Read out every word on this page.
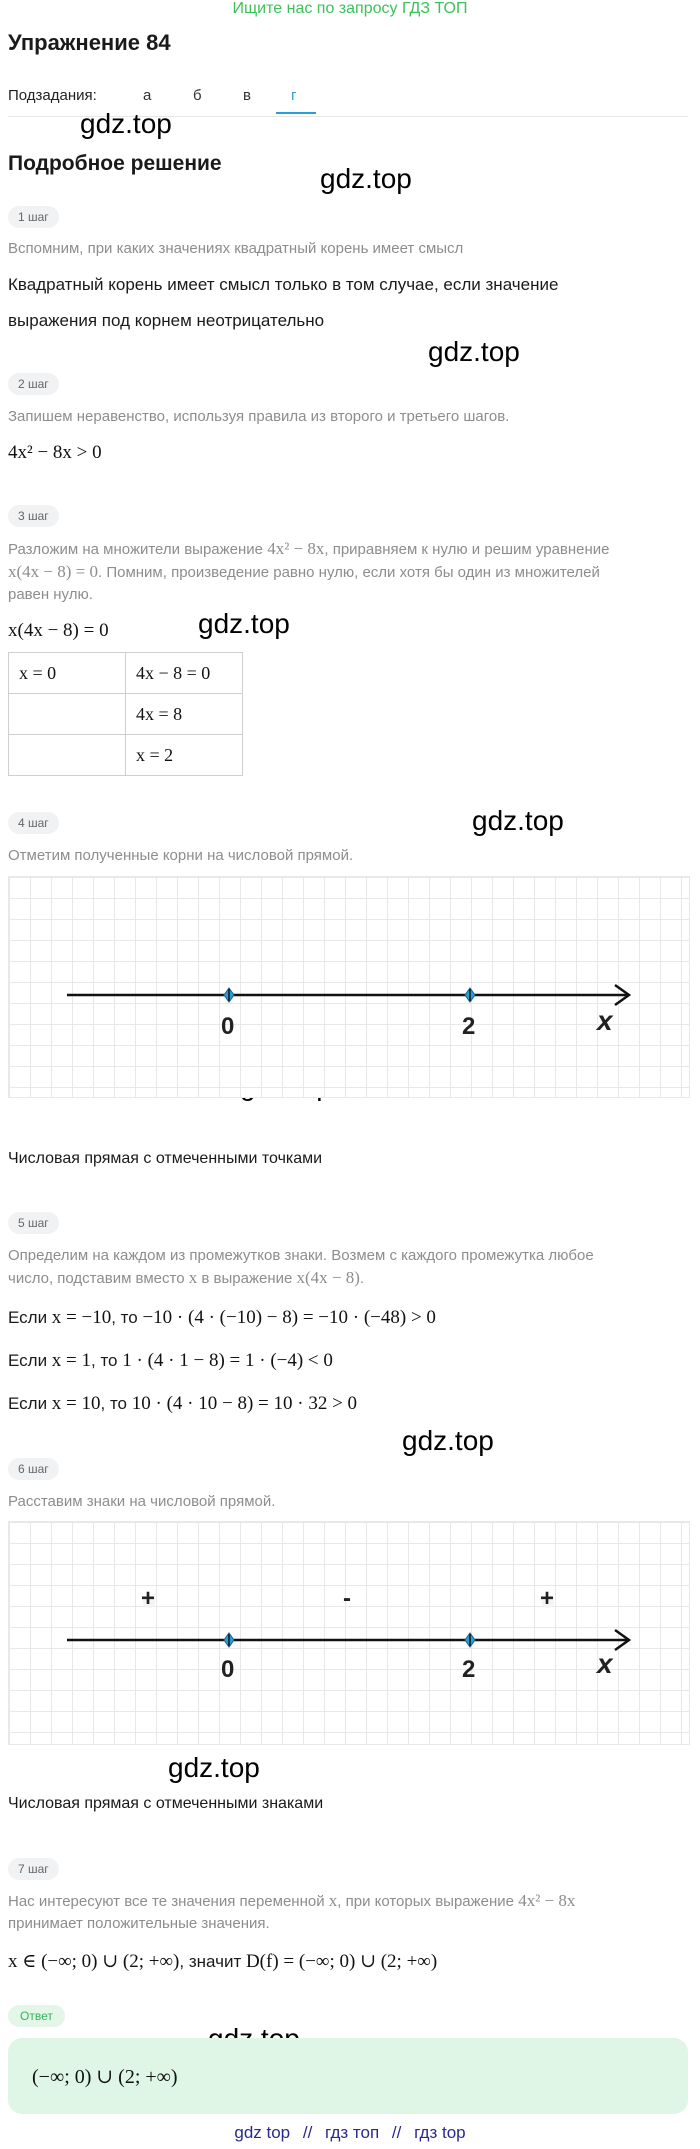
Ищите нас по запросу ГДЗ ТОП
Упражнение 84
Подзадания:	а	б	в	г
gdz.top
gdz.top
gdz.top
gdz.top
gdz.top
gdz.top
gdz.top
Подробное решение
1 шаг
Вспомним, при каких значениях квадратный корень имеет смысл
Квадратный корень имеет смысл только в том случае, если значение
выражения под корнем неотрицательно
2 шаг
Запишем неравенство, используя правила из второго и третьего шагов.
4x² − 8x > 0
3 шаг
Разложим на множители выражение 4x² − 8x, приравняем к нулю и решим уравнение
x(4x − 8) = 0. Помним, произведение равно нулю, если хотя бы один из множителей
равен нулю.
x(4x − 8) = 0
x = 0	4x − 8 = 0
	4x = 8
	x = 2
4 шаг
Отметим полученные корни на числовой прямой.
0	2	x
Числовая прямая с отмеченными точками
5 шаг
Определим на каждом из промежутков знаки. Возмем с каждого промежутка любое
число, подставим вместо x в выражение x(4x − 8).
Если x = −10, то −10 · (4 · (−10) − 8) = −10 · (−48) > 0
Если x = 1, то 1 · (4 · 1 − 8) = 1 · (−4) < 0
Если x = 10, то 10 · (4 · 10 − 8) = 10 · 32 > 0
6 шаг
Расставим знаки на числовой прямой.
+	-	+
0	2	x
Числовая прямая с отмеченными знаками
7 шаг
Нас интересуют все те значения переменной x, при которых выражение 4x² − 8x
принимает положительные значения.
x ∈ (−∞; 0) ∪ (2; +∞), значит D(f) = (−∞; 0) ∪ (2; +∞)
Ответ
(−∞; 0) ∪ (2; +∞)
gdz top // гдз топ // гдз top
